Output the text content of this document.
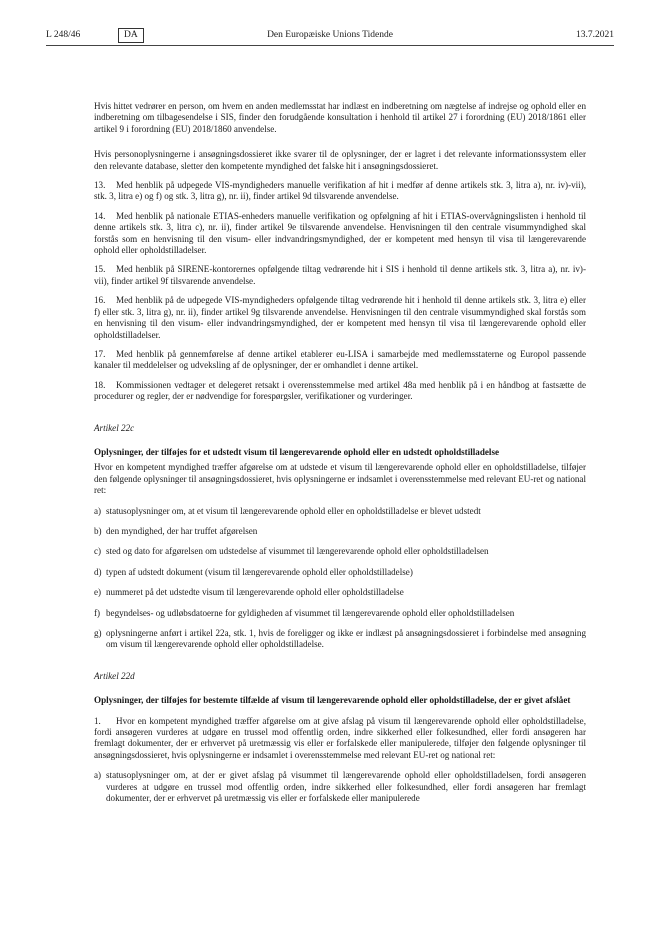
L 248/46	DA	Den Europæiske Unions Tidende	13.7.2021

Hvis hittet vedrører en person, om hvem en anden medlemsstat har indlæst en indberetning om nægtelse af indrejse og ophold eller en indberetning om tilbagesendelse i SIS, finder den forudgående konsultation i henhold til artikel 27 i forordning (EU) 2018/1861 eller artikel 9 i forordning (EU) 2018/1860 anvendelse.

Hvis personoplysningerne i ansøgningsdossieret ikke svarer til de oplysninger, der er lagret i det relevante informationssystem eller den relevante database, sletter den kompetente myndighed det falske hit i ansøgningsdossieret.

13. Med henblik på udpegede VIS-myndigheders manuelle verifikation af hit i medfør af denne artikels stk. 3, litra a), nr. iv)-vii), stk. 3, litra e) og f) og stk. 3, litra g), nr. ii), finder artikel 9d tilsvarende anvendelse.

14. Med henblik på nationale ETIAS-enheders manuelle verifikation og opfølgning af hit i ETIAS-overvågningslisten i henhold til denne artikels stk. 3, litra c), nr. ii), finder artikel 9e tilsvarende anvendelse. Henvisningen til den centrale visummyndighed skal forstås som en henvisning til den visum- eller indvandringsmyndighed, der er kompetent med hensyn til visa til længerevarende ophold eller opholdstilladelser.

15. Med henblik på SIRENE-kontorernes opfølgende tiltag vedrørende hit i SIS i henhold til denne artikels stk. 3, litra a), nr. iv)-vii), finder artikel 9f tilsvarende anvendelse.

16. Med henblik på de udpegede VIS-myndigheders opfølgende tiltag vedrørende hit i henhold til denne artikels stk. 3, litra e) eller f) eller stk. 3, litra g), nr. ii), finder artikel 9g tilsvarende anvendelse. Henvisningen til den centrale visummyndighed skal forstås som en henvisning til den visum- eller indvandringsmyndighed, der er kompetent med hensyn til visa til længerevarende ophold eller opholdstilladelser.

17. Med henblik på gennemførelse af denne artikel etablerer eu-LISA i samarbejde med medlemsstaterne og Europol passende kanaler til meddelelser og udveksling af de oplysninger, der er omhandlet i denne artikel.

18. Kommissionen vedtager et delegeret retsakt i overensstemmelse med artikel 48a med henblik på i en håndbog at fastsætte de procedurer og regler, der er nødvendige for forespørgsler, verifikationer og vurderinger.

Artikel 22c

Oplysninger, der tilføjes for et udstedt visum til længerevarende ophold eller en udstedt opholdstilladelse

Hvor en kompetent myndighed træffer afgørelse om at udstede et visum til længerevarende ophold eller en opholdstilladelse, tilføjer den følgende oplysninger til ansøgningsdossieret, hvis oplysningerne er indsamlet i overensstemmelse med relevant EU-ret og national ret:

a) statusoplysninger om, at et visum til længerevarende ophold eller en opholdstilladelse er blevet udstedt

b) den myndighed, der har truffet afgørelsen

c) sted og dato for afgørelsen om udstedelse af visummet til længerevarende ophold eller opholdstilladelsen

d) typen af udstedt dokument (visum til længerevarende ophold eller opholdstilladelse)

e) nummeret på det udstedte visum til længerevarende ophold eller opholdstilladelse

f) begyndelses- og udløbsdatoerne for gyldigheden af visummet til længerevarende ophold eller opholdstilladelsen

g) oplysningerne anført i artikel 22a, stk. 1, hvis de foreligger og ikke er indlæst på ansøgningsdossieret i forbindelse med ansøgning om visum til længerevarende ophold eller opholdstilladelse.

Artikel 22d

Oplysninger, der tilføjes for bestemte tilfælde af visum til længerevarende ophold eller opholdstilladelse, der er givet afslået

1. Hvor en kompetent myndighed træffer afgørelse om at give afslag på visum til længerevarende ophold eller opholdstilladelse, fordi ansøgeren vurderes at udgøre en trussel mod offentlig orden, indre sikkerhed eller folkesundhed, eller fordi ansøgeren har fremlagt dokumenter, der er erhvervet på uretmæssig vis eller er forfalskede eller manipulerede, tilføjer den følgende oplysninger til ansøgningsdossieret, hvis oplysningerne er indsamlet i overensstemmelse med relevant EU-ret og national ret:

a) statusoplysninger om, at der er givet afslag på visummet til længerevarende ophold eller opholdstilladelsen, fordi ansøgeren vurderes at udgøre en trussel mod offentlig orden, indre sikkerhed eller folkesundhed, eller fordi ansøgeren har fremlagt dokumenter, der er erhvervet på uretmæssig vis eller er forfalskede eller manipulerede
